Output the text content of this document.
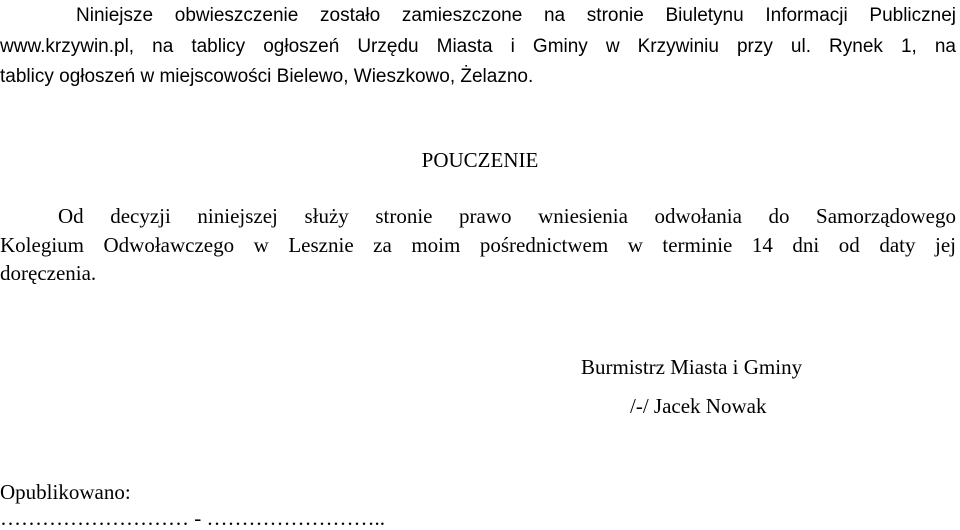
Niniejsze obwieszczenie zostało zamieszczone na stronie Biuletynu Informacji Publicznej
www.krzywin.pl, na tablicy ogłoszeń Urzędu Miasta i Gminy w Krzywiniu przy ul. Rynek 1, na
tablicy ogłoszeń w miejscowości Bielewo, Wieszkowo, Żelazno.
POUCZENIE
Od decyzji niniejszej służy stronie prawo wniesienia odwołania do Samorządowego
Kolegium Odwoławczego w Lesznie za moim pośrednictwem w terminie 14 dni od daty jej
doręczenia.
Burmistrz Miasta i Gminy
/-/ Jacek Nowak
Opublikowano:
……………………… - ……………………..
